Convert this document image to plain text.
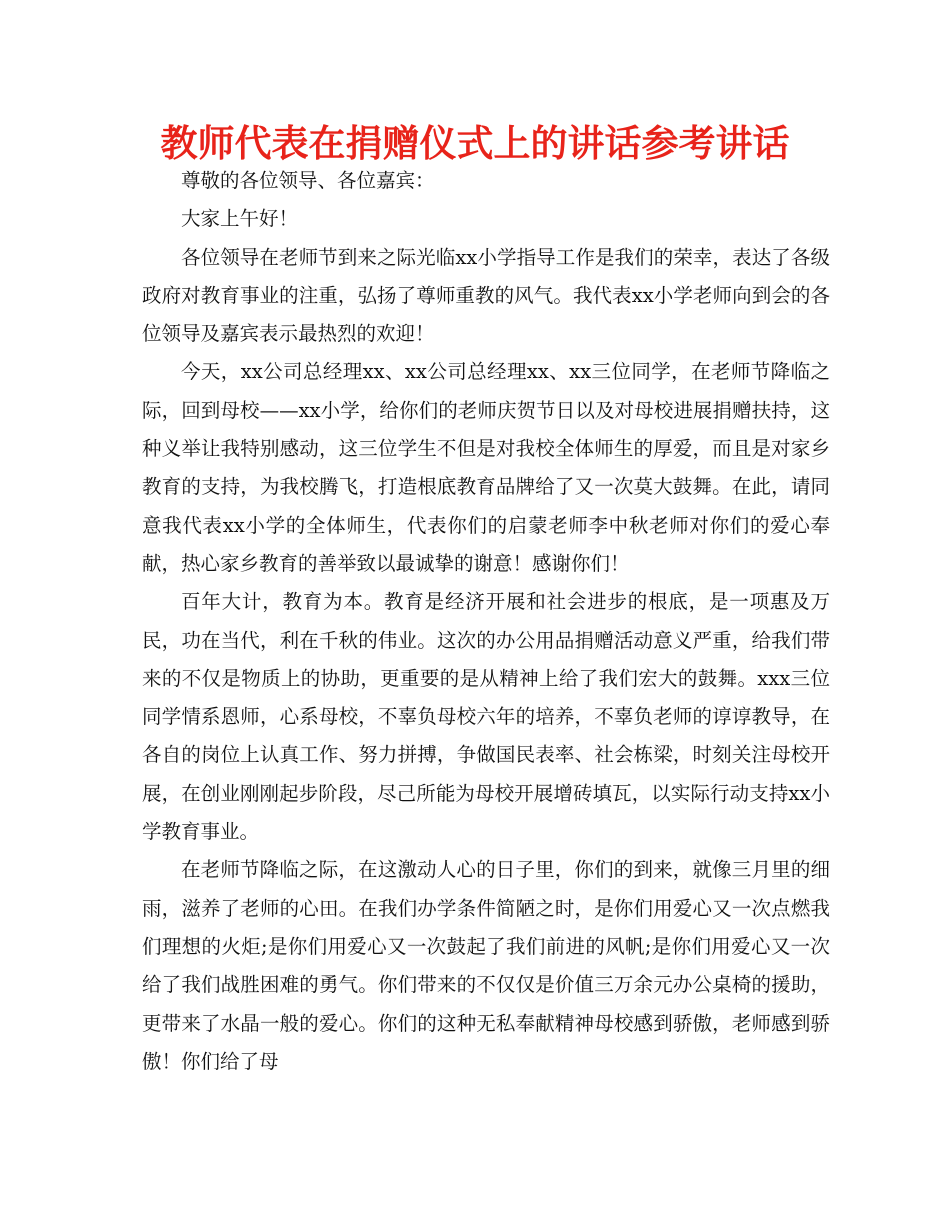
教师代表在捐赠仪式上的讲话参考讲话

尊敬的各位领导、各位嘉宾：

大家上午好！

各位领导在老师节到来之际光临xx小学指导工作是我们的荣幸，表达了各级政府对教育事业的注重，弘扬了尊师重教的风气。我代表xx小学老师向到会的各位领导及嘉宾表示最热烈的欢迎！

今天，xx公司总经理xx、xx公司总经理xx、xx三位同学，在老师节降临之际，回到母校——xx小学，给你们的老师庆贺节日以及对母校进展捐赠扶持，这种义举让我特别感动，这三位学生不但是对我校全体师生的厚爱，而且是对家乡教育的支持，为我校腾飞，打造根底教育品牌给了又一次莫大鼓舞。在此，请同意我代表xx小学的全体师生，代表你们的启蒙老师李中秋老师对你们的爱心奉献，热心家乡教育的善举致以最诚挚的谢意！感谢你们！

百年大计，教育为本。教育是经济开展和社会进步的根底，是一项惠及万民，功在当代，利在千秋的伟业。这次的办公用品捐赠活动意义严重，给我们带来的不仅是物质上的协助，更重要的是从精神上给了我们宏大的鼓舞。xxx三位同学情系恩师，心系母校，不辜负母校六年的培养，不辜负老师的谆谆教导，在各自的岗位上认真工作、努力拼搏，争做国民表率、社会栋梁，时刻关注母校开展，在创业刚刚起步阶段，尽己所能为母校开展增砖填瓦，以实际行动支持xx小学教育事业。

在老师节降临之际，在这激动人心的日子里，你们的到来，就像三月里的细雨，滋养了老师的心田。在我们办学条件简陋之时，是你们用爱心又一次点燃我们理想的火炬;是你们用爱心又一次鼓起了我们前进的风帆;是你们用爱心又一次给了我们战胜困难的勇气。你们带来的不仅仅是价值三万余元办公桌椅的援助，更带来了水晶一般的爱心。你们的这种无私奉献精神母校感到骄傲，老师感到骄傲！你们给了母
